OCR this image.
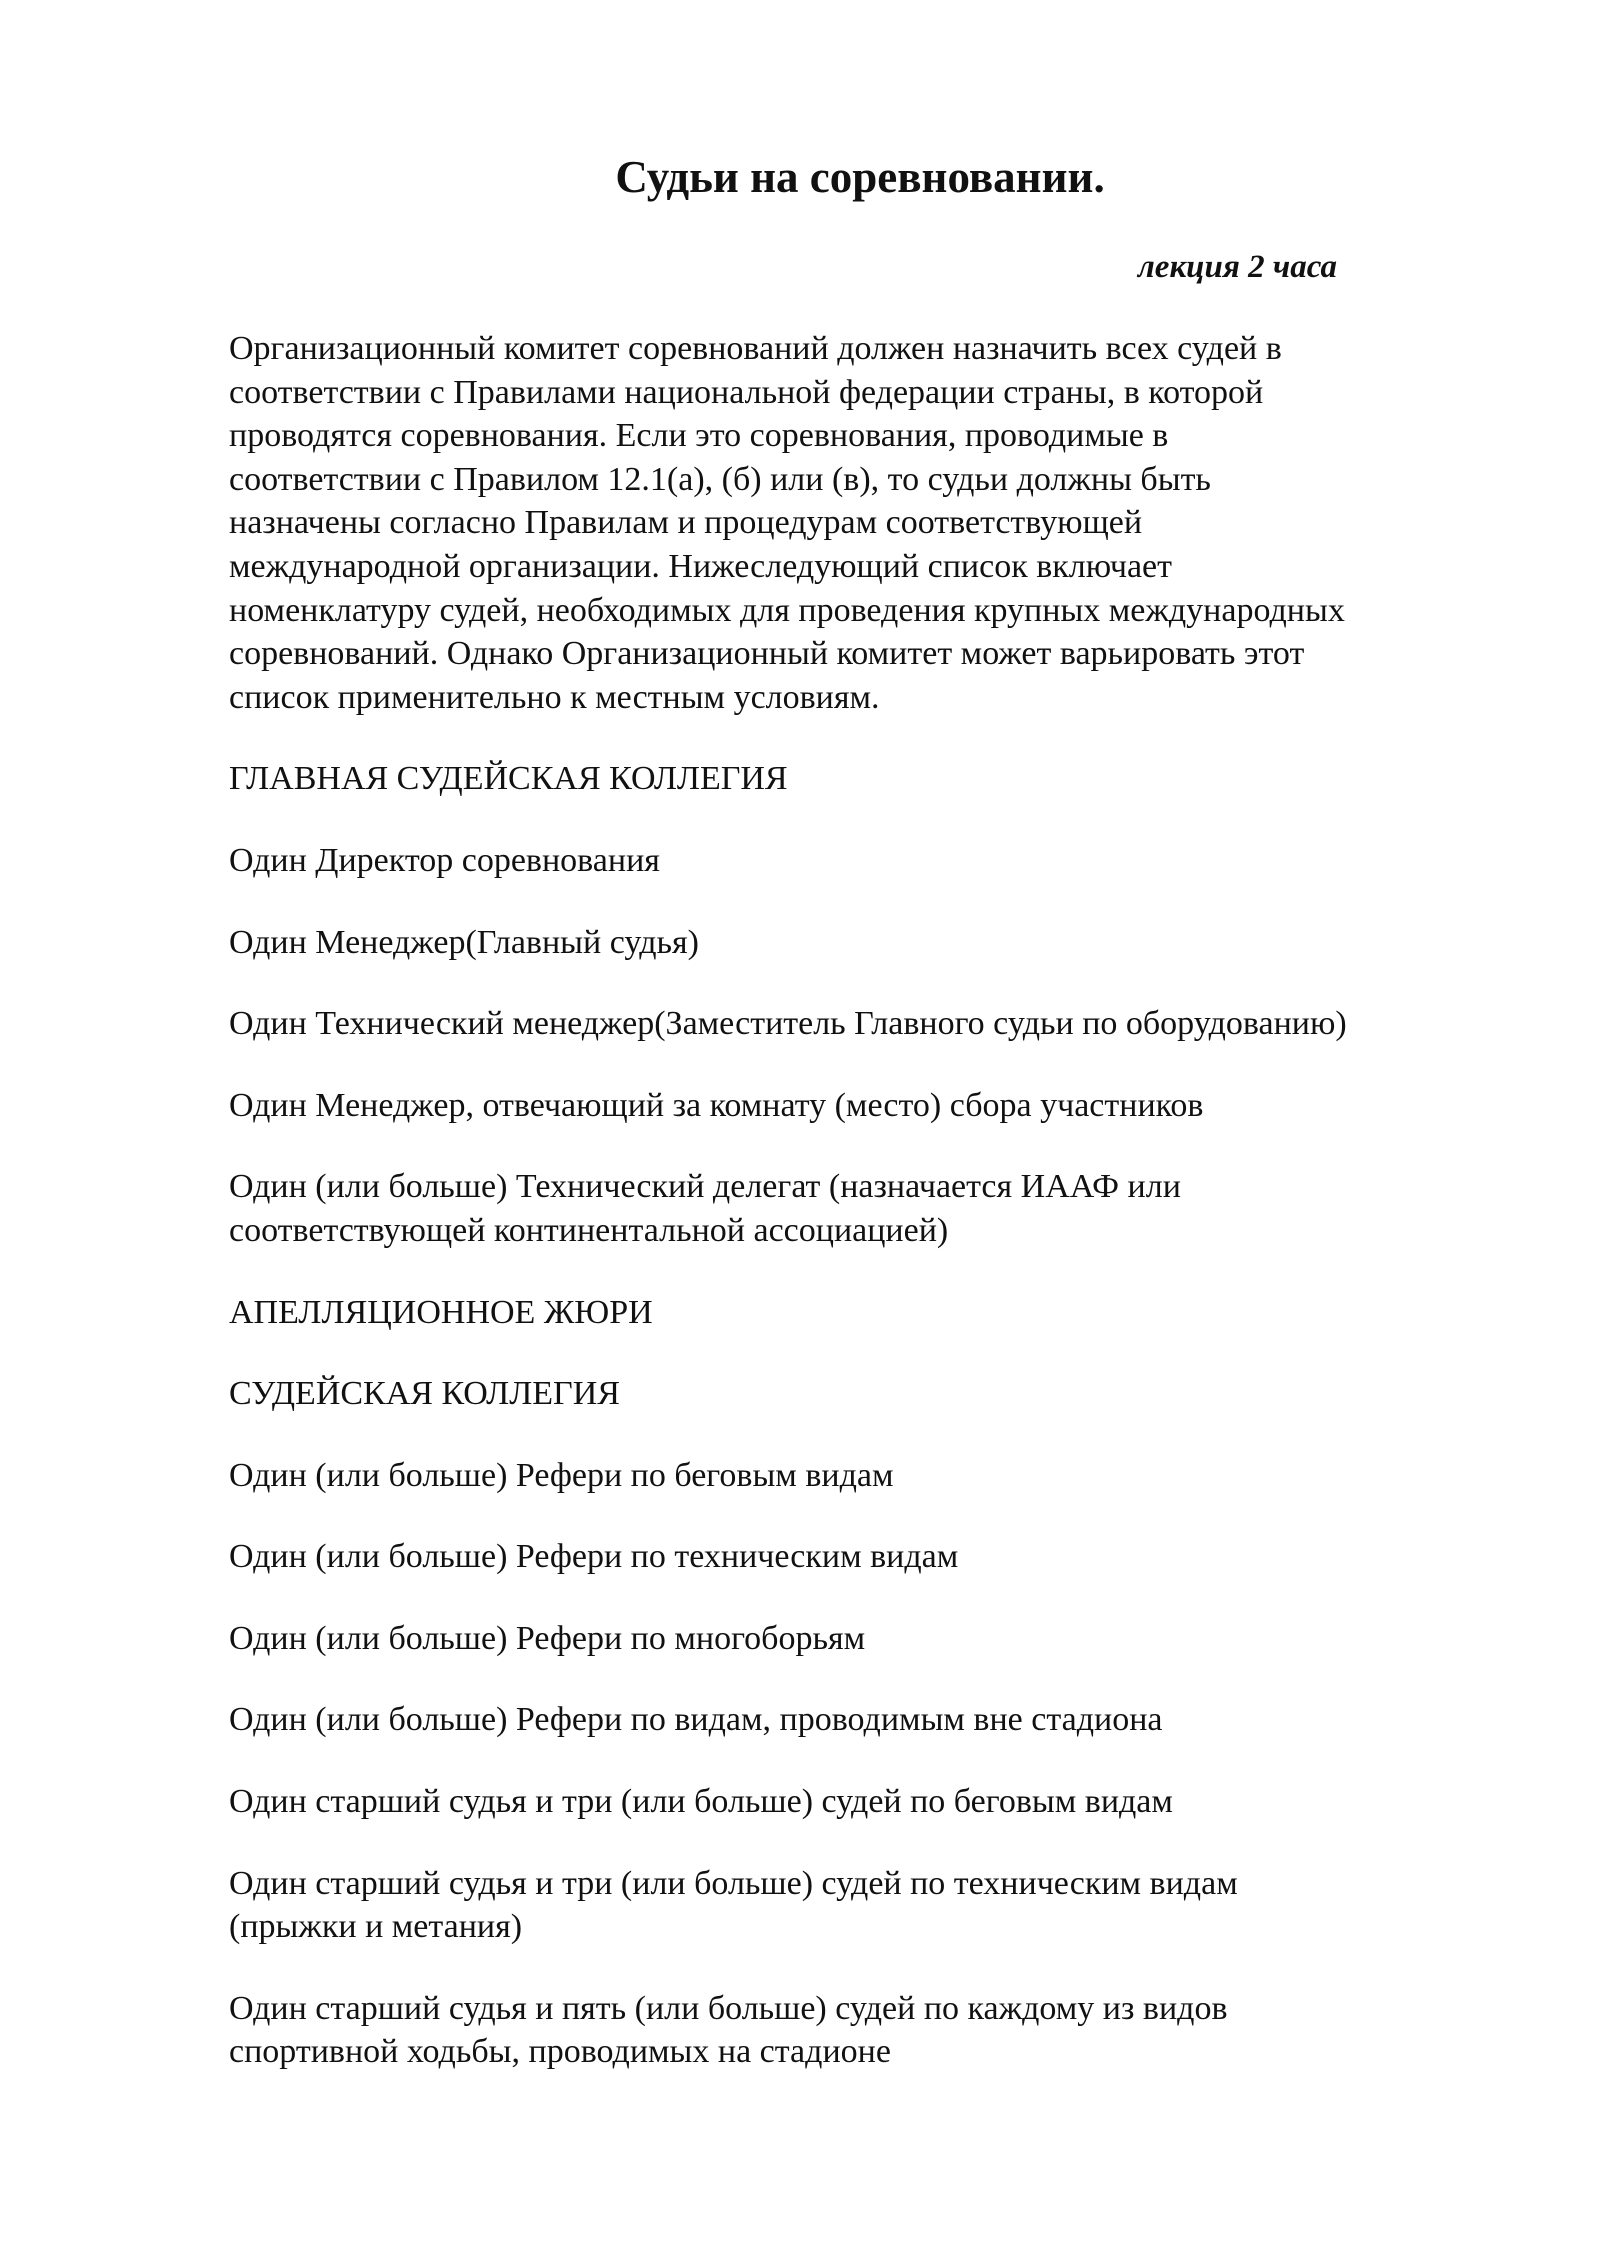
Судьи на соревновании.

лекция 2 часа

Организационный комитет соревнований должен назначить всех судей в
соответствии с Правилами национальной федерации страны, в которой
проводятся соревнования. Если это соревнования, проводимые в
соответствии с Правилом 12.1(а), (б) или (в), то судьи должны быть
назначены согласно Правилам и процедурам соответствующей
международной организации. Нижеследующий список включает
номенклатуру судей, необходимых для проведения крупных международных
соревнований. Однако Организационный комитет может варьировать этот
список применительно к местным условиям.

ГЛАВНАЯ СУДЕЙСКАЯ КОЛЛЕГИЯ

Один Директор соревнования

Один Менеджер(Главный судья)

Один Технический менеджер(Заместитель Главного судьи по оборудованию)

Один Менеджер, отвечающий за комнату (место) сбора участников

Один (или больше) Технический делегат (назначается ИААФ или
соответствующей континентальной ассоциацией)

АПЕЛЛЯЦИОННОЕ ЖЮРИ

СУДЕЙСКАЯ КОЛЛЕГИЯ

Один (или больше) Рефери по беговым видам

Один (или больше) Рефери по техническим видам

Один (или больше) Рефери по многоборьям

Один (или больше) Рефери по видам, проводимым вне стадиона

Один старший судья и три (или больше) судей по беговым видам

Один старший судья и три (или больше) судей по техническим видам
(прыжки и метания)

Один старший судья и пять (или больше) судей по каждому из видов
спортивной ходьбы, проводимых на стадионе
